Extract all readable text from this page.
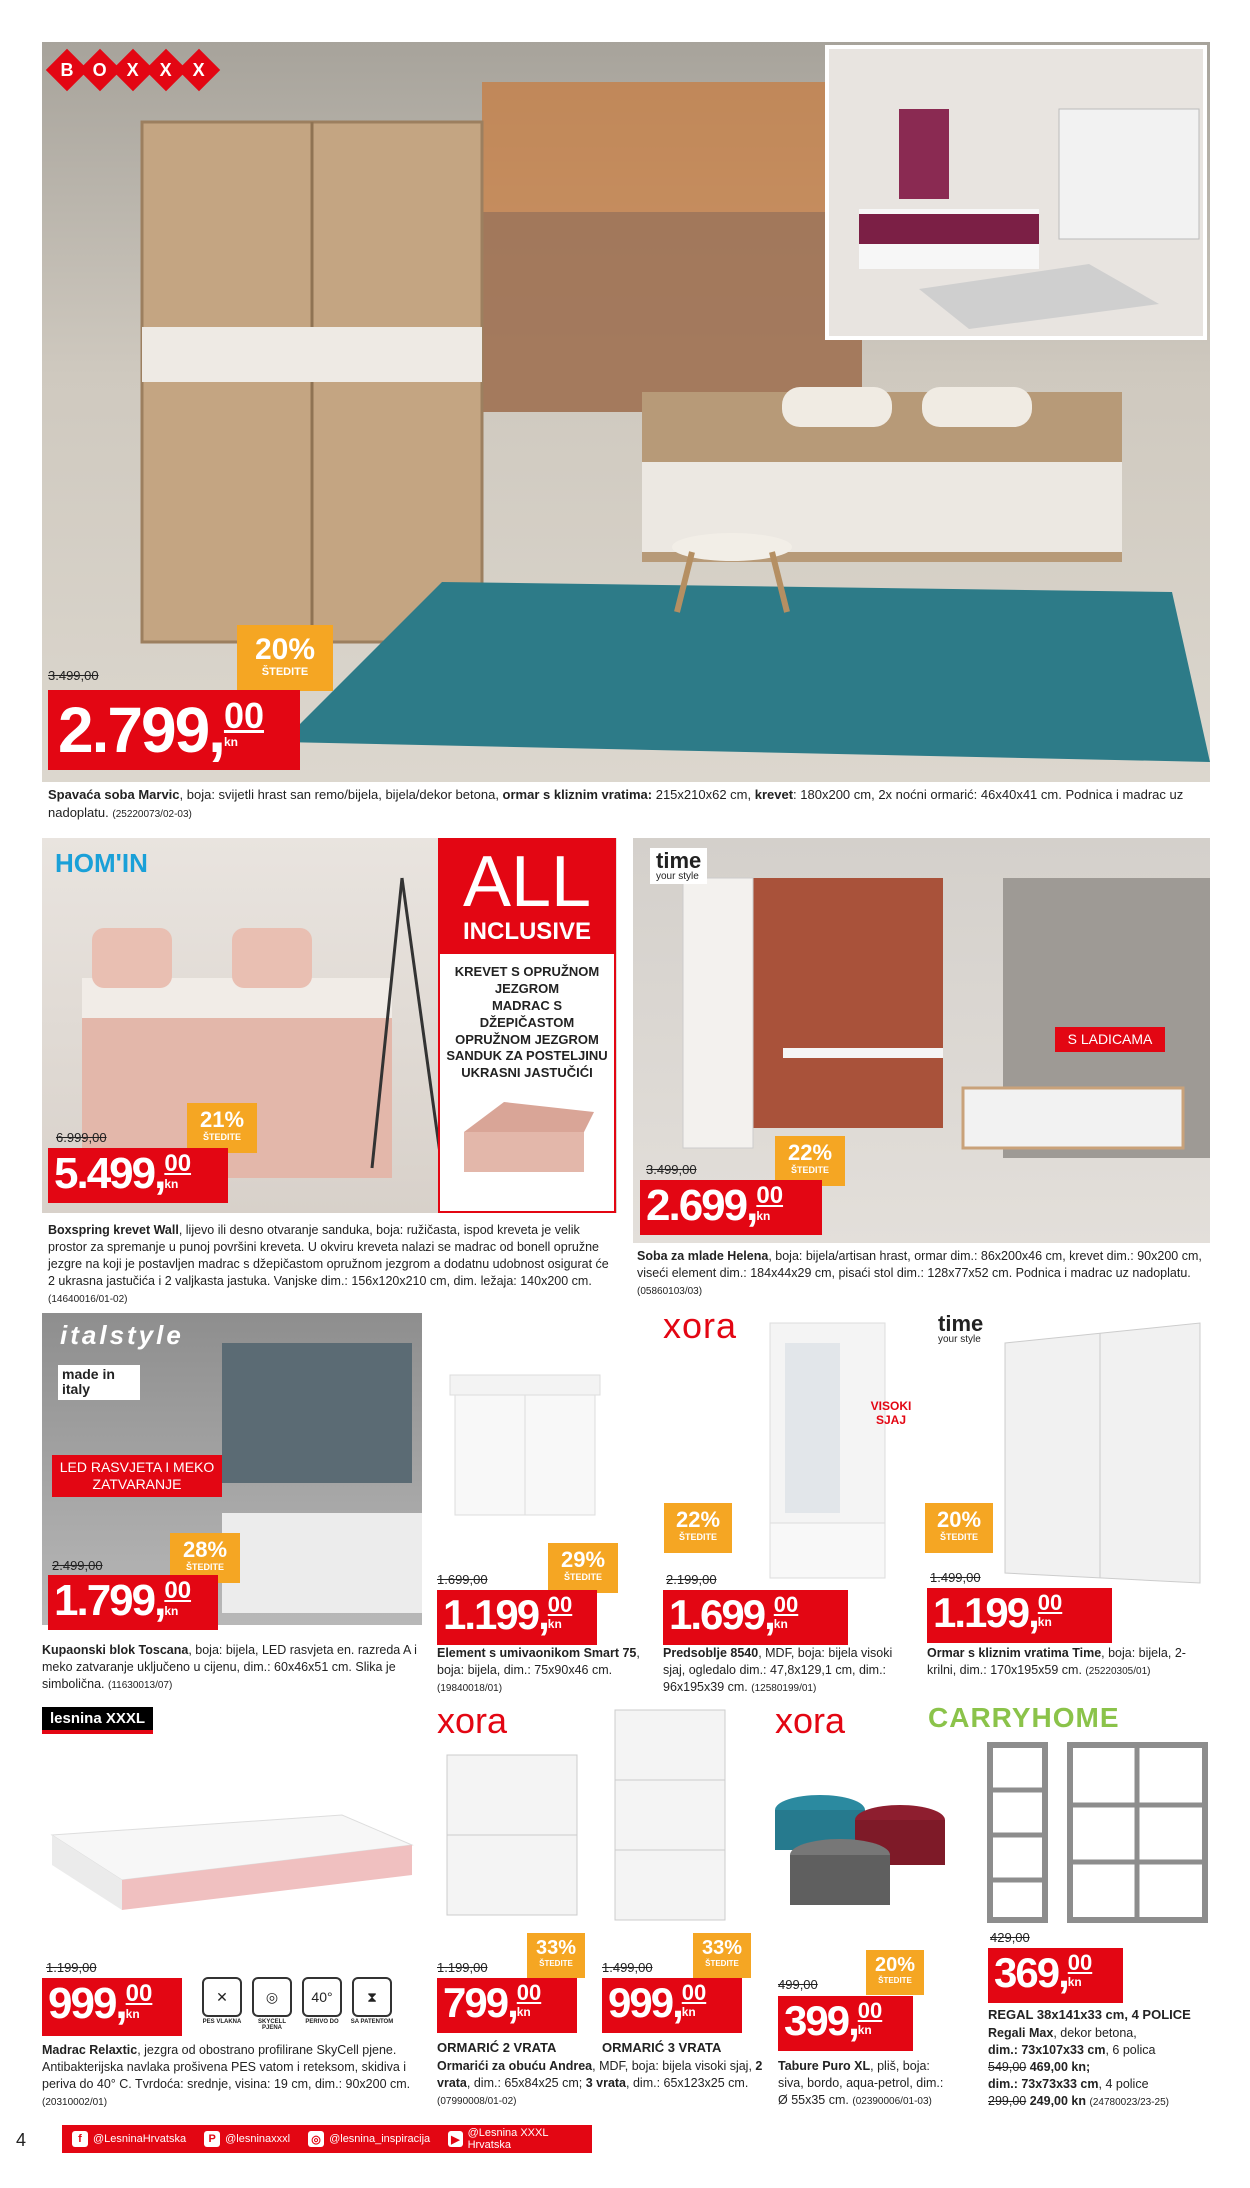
B O X X X
3.499,00
20%
ŠTEDITE
2.799, 00
kn
Spavaća soba Marvic, boja: svijetli hrast san remo/bijela, bijela/dekor betona, ormar s kliznim vratima: 215x210x62 cm, krevet: 180x200 cm, 2x noćni ormarić: 46x40x41 cm. Podnica i madrac uz nadoplatu. (25220073/02-03)
HOM'IN	ALL
INCLUSIVE
KREVET S OPRUŽNOM JEZGROM
MADRAC S DŽEPIČASTOM OPRUŽNOM JEZGROM
SANDUK ZA POSTELJINU
UKRASNI JASTUČIĆI
6.999,00
21%
ŠTEDITE
5.499, 00
kn
Boxspring krevet Wall, lijevo ili desno otvaranje sanduka, boja: ružičasta, ispod kreveta je velik prostor za spremanje u punoj površini kreveta. U okviru kreveta nalazi se madrac od bonell opružne jezgre na koji je postavljen madrac s džepičastom opružnom jezgrom a dodatnu udobnost osigurat će 2 ukrasna jastučića i 2 valjkasta jastuka. Vanjske dim.: 156x120x210 cm, dim. ležaja: 140x200 cm. (14640016/01-02)
time
your style
S LADICAMA
3.499,00
22%
ŠTEDITE
2.699, 00
kn
Soba za mlade Helena, boja: bijela/artisan hrast, ormar dim.: 86x200x46 cm, krevet dim.: 90x200 cm, viseći element dim.: 184x44x29 cm, pisaći stol dim.: 128x77x52 cm. Podnica i madrac uz nadoplatu. (05860103/03)
italstyle
made in italy
LED RASVJETA I MEKO ZATVARANJE
2.499,00
28%
ŠTEDITE
1.799, 00
kn
Kupaonski blok Toscana, boja: bijela, LED rasvjeta en. razreda A i meko zatvaranje uključeno u cijenu, dim.: 60x46x51 cm. Slika je simbolična. (11630013/07)
1.699,00
29%
ŠTEDITE
1.199, 00
kn
Element s umivaonikom Smart 75, boja: bijela, dim.: 75x90x46 cm. (19840018/01)
xora
VISOKI SJAJ
2.199,00
22%
ŠTEDITE
1.699, 00
kn
Predsoblje 8540, MDF, boja: bijela visoki sjaj, ogledalo dim.: 47,8x129,1 cm, dim.: 96x195x39 cm. (12580199/01)
time
your style
1.499,00
20%
ŠTEDITE
1.199, 00
kn
Ormar s kliznim vratima Time, boja: bijela, 2-krilni, dim.: 170x195x59 cm. (25220305/01)
lesnina XXXL
1.199,00
999, 00
kn
✕
PES VLAKNA
◎
SKYCELL PJENA
40°
PERIVO DO
⧗
SA PATENTOM
Madrac Relaxtic, jezgra od obostrano profilirane SkyCell pjene. Antibakterijska navlaka prošivena PES vatom i reteksom, skidiva i periva do 40° C. Tvrdoća: srednje, visina: 19 cm, dim.: 90x200 cm. (20310002/01)
xora
1.199,00
33%
ŠTEDITE
799, 00
kn
ORMARIĆ 2 VRATA
1.499,00
33%
ŠTEDITE
999, 00
kn
ORMARIĆ 3 VRATA
Ormarići za obuću Andrea, MDF, boja: bijela visoki sjaj, 2 vrata, dim.: 65x84x25 cm; 3 vrata, dim.: 65x123x25 cm. (07990008/01-02)
xora
499,00
20%
ŠTEDITE
399, 00
kn
Tabure Puro XL, pliš, boja: siva, bordo, aqua-petrol, dim.: Ø 55x35 cm. (02390006/01-03)
CARRYHOME
429,00
369, 00
kn
REGAL 38x141x33 cm, 4 POLICE
Regali Max, dekor betona,
dim.: 73x107x33 cm, 6 polica
549,00 469,00 kn;
dim.: 73x73x33 cm, 4 police
299,00 249,00 kn (24780023/23-25)
4	f	@LesninaHrvatska	P @lesninaxxxl ◎ @lesnina_inspiracija ▶
@Lesnina XXXL Hrvatska
